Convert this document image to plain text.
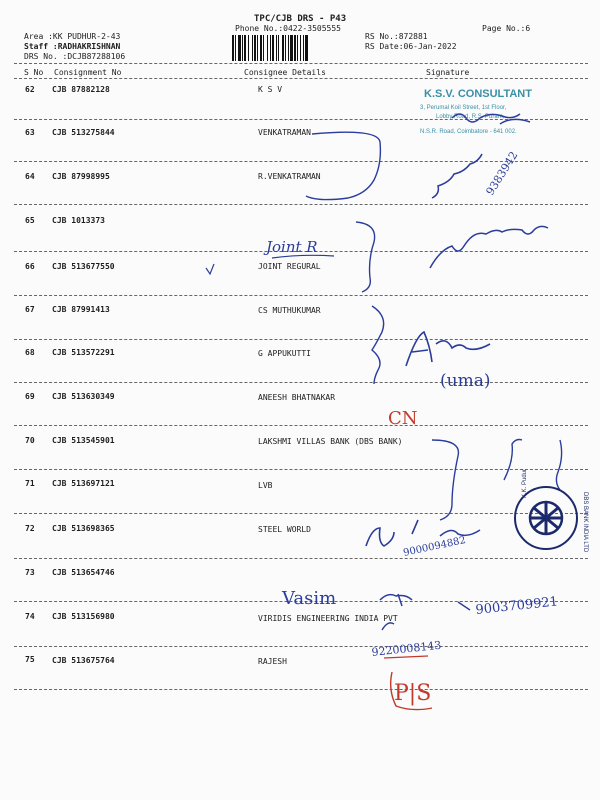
TPC/CJB DRS - P43
Phone No.:0422-3505555
Area :KK PUDHUR-2-43
Staff :RADHAKRISHNAN
DRS No. :DCJB87288106
RS No.:872881
RS Date:06-Jan-2022
Page No.:6
S No Consignment No	Consignee Details	Signature
62 CJB 87882128	K S V
63 CJB 513275844	VENKATRAMAN
64 CJB 87998995	R.VENKATRAMAN
65 CJB 1013373
66 CJB 513677550	JOINT REGURAL
67 CJB 87991413	CS MUTHUKUMAR
68 CJB 513572291	G APPUKUTTI
69 CJB 513630349	ANEESH BHATNAKAR
70 CJB 513545901	LAKSHMI VILLAS BANK (DBS BANK)
71 CJB 513697121	LVB
72 CJB 513698365	STEEL WORLD
73 CJB 513654746
74 CJB 513156980	VIRIDIS ENGINEERING INDIA PVT
75 CJB 513675764	RAJESH
K.S.V. CONSULTANT
3, Perumal Koil Street, 1st Floor,
Lobby Road, R.S. Puram,
N.S.R. Road, Coimbatore - 641 002.
9383942
Joint R
(uma)
CN
K.K. Pudur
DBS BANK INDIA LTD
9000094882
Vasim	9003709921
9220008143
P|S
